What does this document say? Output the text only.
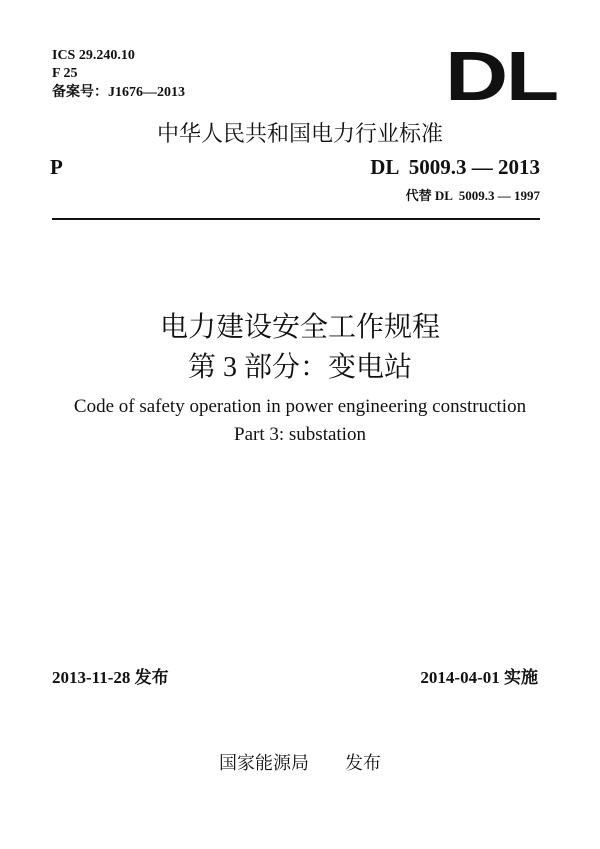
ICS 29.240.10
F 25
备案号：J1676—2013	DL
中华人民共和国电力行业标准
P	DL  5009.3 — 2013
代替 DL  5009.3 — 1997
电力建设安全工作规程
第 3 部分：变电站
Code of safety operation in power engineering construction
Part 3: substation
2013-11-28 发布	2014-04-01 实施
国家能源局　　发布
